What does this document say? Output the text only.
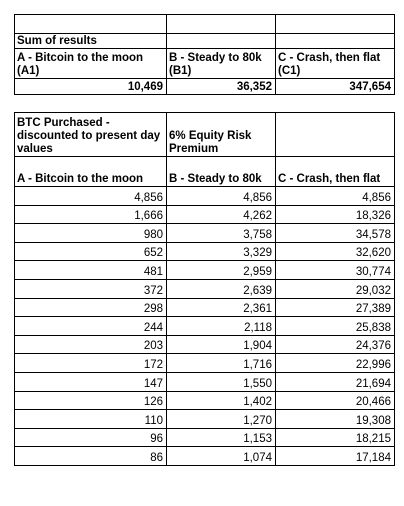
Sum of results		
A - Bitcoin to the moon (A1)	B - Steady to 80k (B1)	C - Crash, then flat (C1)
10,469	36,352	347,654

BTC Purchased - discounted to present day values	6% Equity Risk Premium	
A - Bitcoin to the moon	B - Steady to 80k	C - Crash, then flat
4,856	4,856	4,856
1,666	4,262	18,326
980	3,758	34,578
652	3,329	32,620
481	2,959	30,774
372	2,639	29,032
298	2,361	27,389
244	2,118	25,838
203	1,904	24,376
172	1,716	22,996
147	1,550	21,694
126	1,402	20,466
110	1,270	19,308
96	1,153	18,215
86	1,074	17,184
